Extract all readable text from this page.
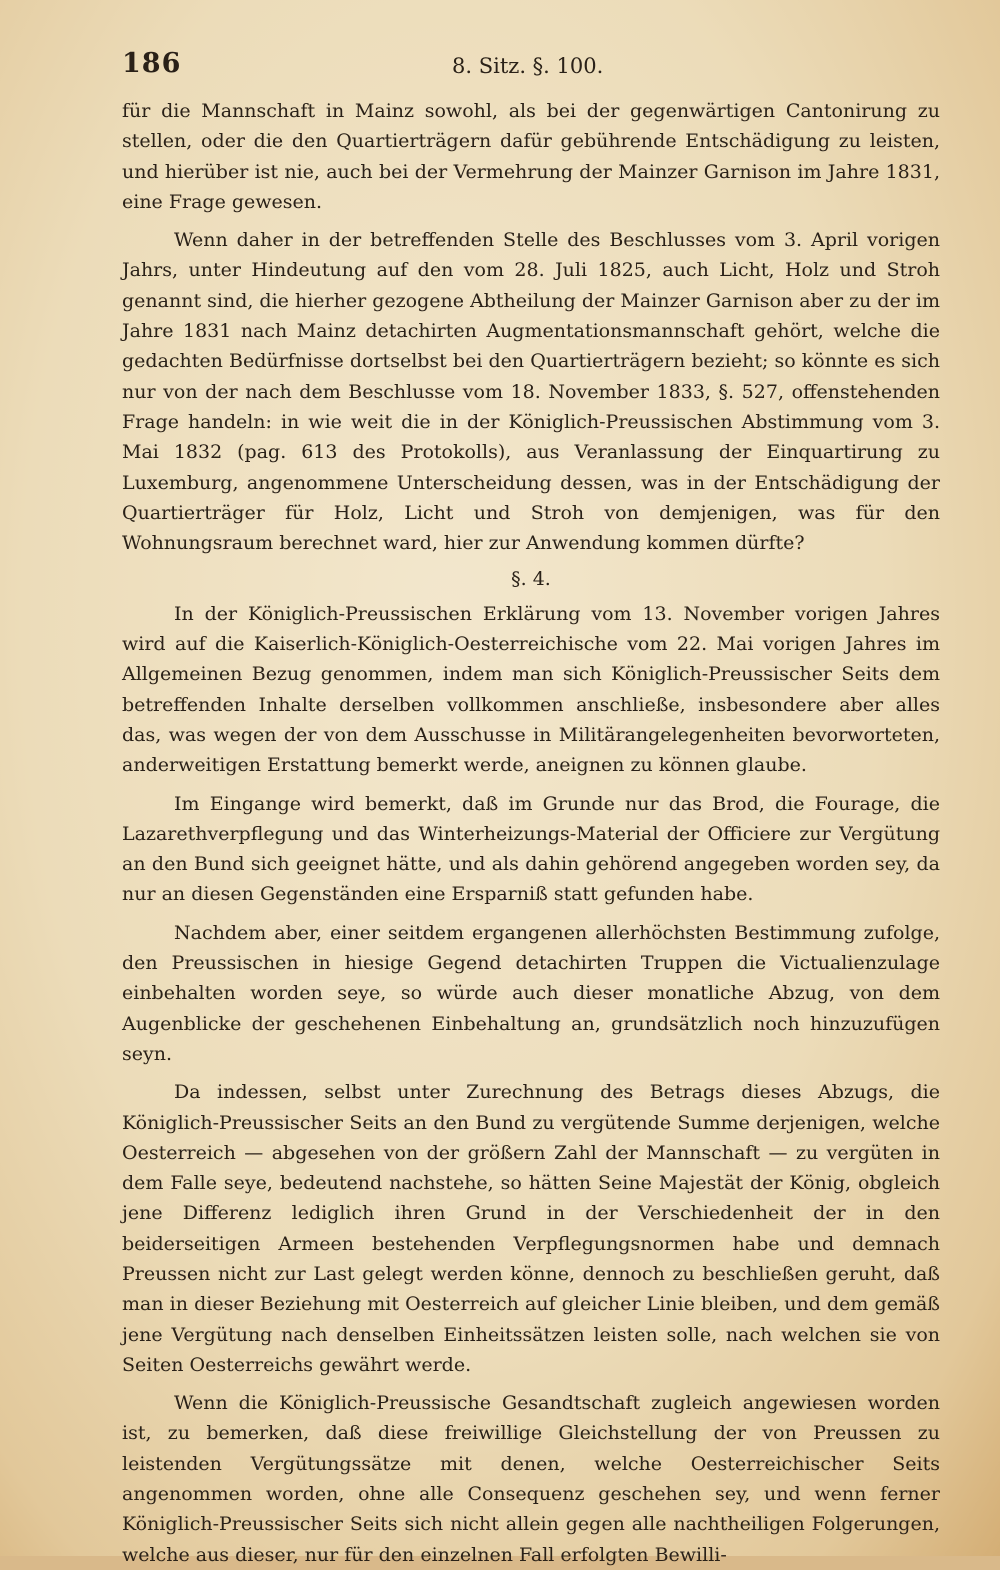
186	8. Sitz. §. 100.

für die Mannschaft in Mainz sowohl, als bei der gegenwärtigen Cantonirung zu stellen, oder die den Quartierträgern dafür gebührende Entschädigung zu leisten, und hierüber ist nie, auch bei der Vermehrung der Mainzer Garnison im Jahre 1831, eine Frage gewesen.

Wenn daher in der betreffenden Stelle des Beschlusses vom 3. April vorigen Jahrs, unter Hindeutung auf den vom 28. Juli 1825, auch Licht, Holz und Stroh genannt sind, die hierher gezogene Abtheilung der Mainzer Garnison aber zu der im Jahre 1831 nach Mainz detachirten Augmentationsmannschaft gehört, welche die gedachten Bedürfnisse dortselbst bei den Quartierträgern bezieht; so könnte es sich nur von der nach dem Beschlusse vom 18. November 1833, §. 527, offenstehenden Frage handeln: in wie weit die in der Königlich-Preussischen Abstimmung vom 3. Mai 1832 (pag. 613 des Protokolls), aus Veranlassung der Einquartirung zu Luxemburg, angenommene Unterscheidung dessen, was in der Entschädigung der Quartierträger für Holz, Licht und Stroh von demjenigen, was für den Wohnungsraum berechnet ward, hier zur Anwendung kommen dürfte?

§. 4.

In der Königlich-Preussischen Erklärung vom 13. November vorigen Jahres wird auf die Kaiserlich-Königlich-Oesterreichische vom 22. Mai vorigen Jahres im Allgemeinen Bezug genommen, indem man sich Königlich-Preussischer Seits dem betreffenden Inhalte derselben vollkommen anschließe, insbesondere aber alles das, was wegen der von dem Ausschusse in Militärangelegenheiten bevorworteten, anderweitigen Erstattung bemerkt werde, aneignen zu können glaube.

Im Eingange wird bemerkt, daß im Grunde nur das Brod, die Fourage, die Lazarethverpflegung und das Winterheizungs-Material der Officiere zur Vergütung an den Bund sich geeignet hätte, und als dahin gehörend angegeben worden sey, da nur an diesen Gegenständen eine Ersparniß statt gefunden habe.

Nachdem aber, einer seitdem ergangenen allerhöchsten Bestimmung zufolge, den Preussischen in hiesige Gegend detachirten Truppen die Victualienzulage einbehalten worden seye, so würde auch dieser monatliche Abzug, von dem Augenblicke der geschehenen Einbehaltung an, grundsätzlich noch hinzuzufügen seyn.

Da indessen, selbst unter Zurechnung des Betrags dieses Abzugs, die Königlich-Preussischer Seits an den Bund zu vergütende Summe derjenigen, welche Oesterreich — abgesehen von der größern Zahl der Mannschaft — zu vergüten in dem Falle seye, bedeutend nachstehe, so hätten Seine Majestät der König, obgleich jene Differenz lediglich ihren Grund in der Verschiedenheit der in den beiderseitigen Armeen bestehenden Verpflegungsnormen habe und demnach Preussen nicht zur Last gelegt werden könne, dennoch zu beschließen geruht, daß man in dieser Beziehung mit Oesterreich auf gleicher Linie bleiben, und dem gemäß jene Vergütung nach denselben Einheitssätzen leisten solle, nach welchen sie von Seiten Oesterreichs gewährt werde.

Wenn die Königlich-Preussische Gesandtschaft zugleich angewiesen worden ist, zu bemerken, daß diese freiwillige Gleichstellung der von Preussen zu leistenden Vergütungssätze mit denen, welche Oesterreichischer Seits angenommen worden, ohne alle Consequenz geschehen sey, und wenn ferner Königlich-Preussischer Seits sich nicht allein gegen alle nachtheiligen Folgerungen, welche aus dieser, nur für den einzelnen Fall erfolgten Bewilli-
